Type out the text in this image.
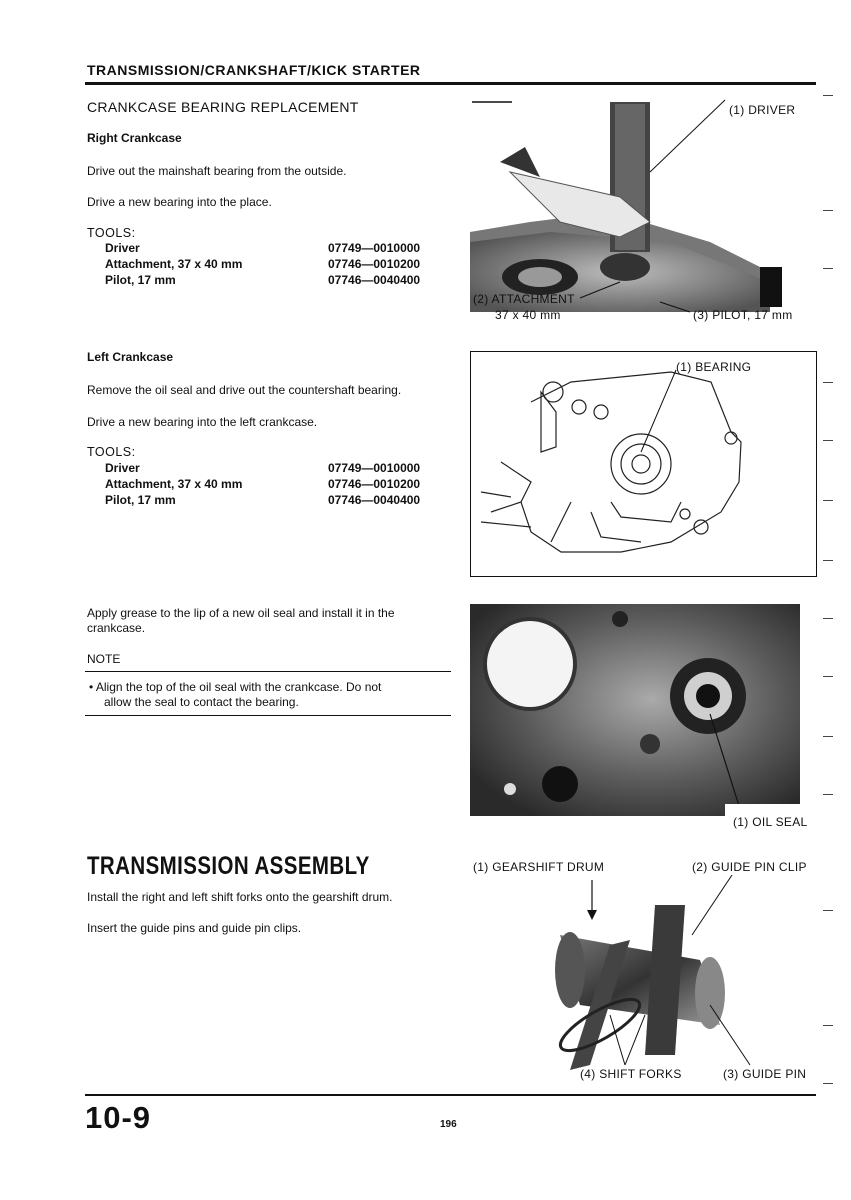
TRANSMISSION/CRANKSHAFT/KICK STARTER
CRANKCASE BEARING REPLACEMENT
Right Crankcase
Drive out the mainshaft bearing from the outside.
Drive a new bearing into the place.
TOOLS:
Driver	07749—0010000
Attachment, 37 x 40 mm	07746—0010200
Pilot, 17 mm	07746—0040400
Left Crankcase
Remove the oil seal and drive out the countershaft bearing.
Drive a new bearing into the left crankcase.
TOOLS:
Driver	07749—0010000
Attachment, 37 x 40 mm	07746—0010200
Pilot, 17 mm	07746—0040400
Apply grease to the lip of a new oil seal and install it in the
crankcase.
NOTE
• Align the top of the oil seal with the crankcase. Do not
allow the seal to contact the bearing.
(1) DRIVER
(2) ATTACHMENT
37 x 40 mm	(3) PILOT, 17 mm
(1) BEARING
(1) OIL SEAL
TRANSMISSION ASSEMBLY
Install the right and left shift forks onto the gearshift drum.
Insert the guide pins and guide pin clips.
(1) GEARSHIFT DRUM	(2) GUIDE PIN CLIP
(4) SHIFT FORKS	(3) GUIDE PIN
10-9	196
